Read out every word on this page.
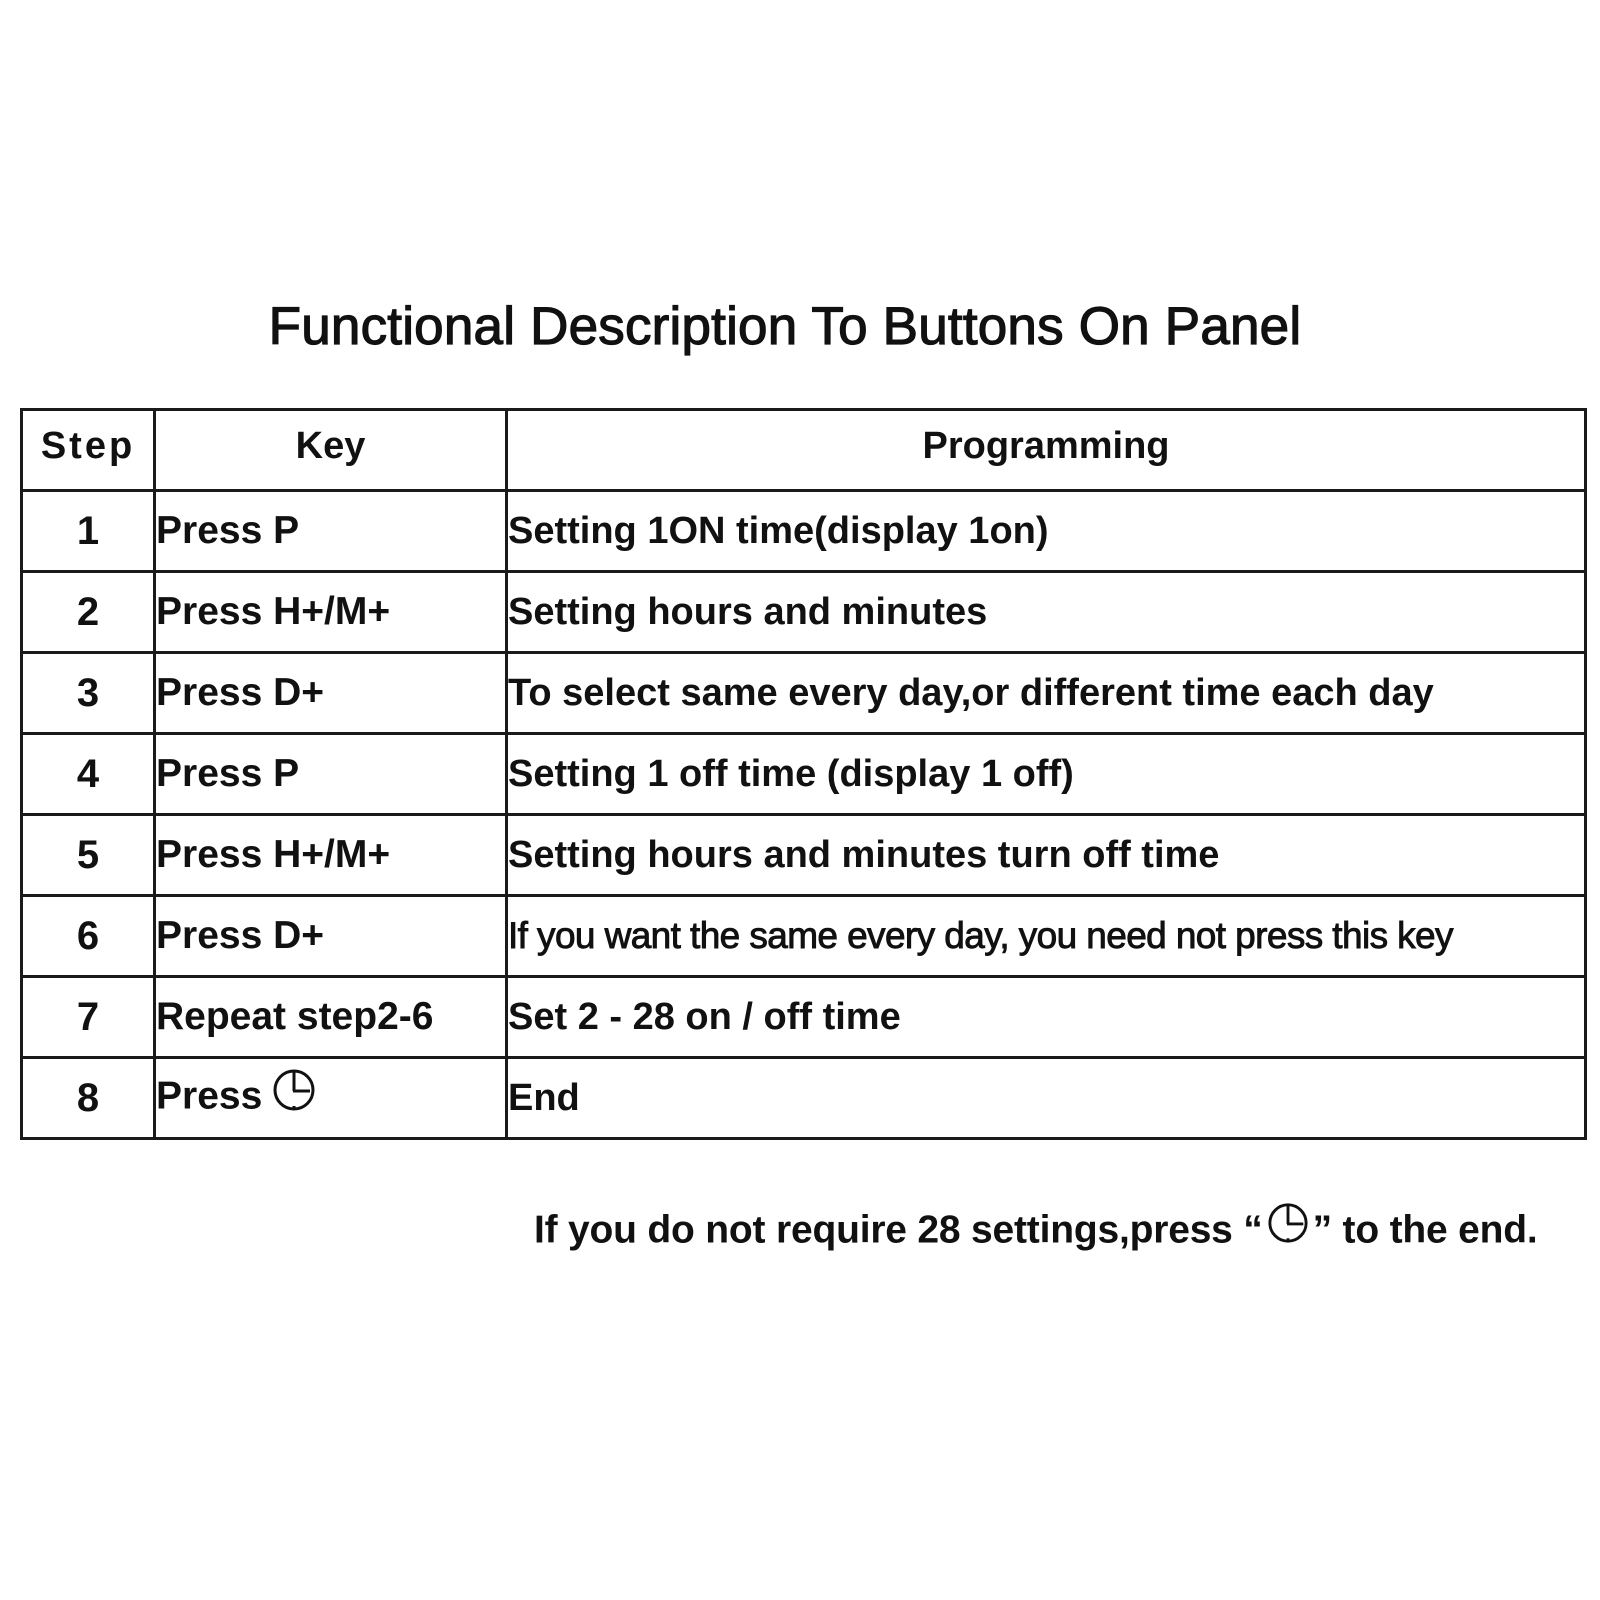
Functional Description To Buttons On Panel
Step	Key	Programming
1	Press P	Setting 1ON time(display 1on)
2	Press H+/M+	Setting hours and minutes
3	Press D+	To select same every day,or different time each day
4	Press P	Setting 1 off time (display 1 off)
5	Press H+/M+	Setting hours and minutes turn off time
6	Press D+	If you want the same every day, you need not press this key
7	Repeat step2-6	Set 2 - 28 on / off time
8	Press	End
If you do not require 28 settings,press “ ” to the end.
